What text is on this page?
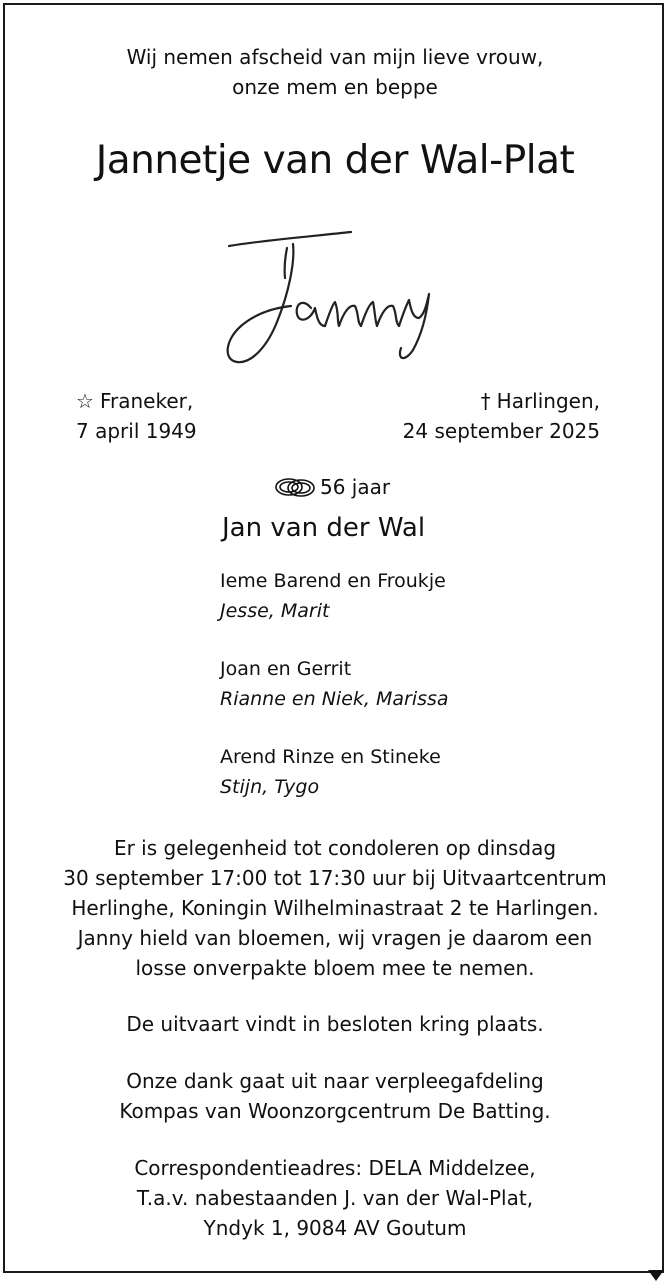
Wij nemen afscheid van mijn lieve vrouw,
onze mem en beppe
Jannetje van der Wal-Plat
☆ Franeker,
7 april 1949
† Harlingen,
24 september 2025
56 jaar
Jan van der Wal
Ieme Barend en Froukje
Jesse, Marit
Joan en Gerrit
Rianne en Niek, Marissa
Arend Rinze en Stineke
Stijn, Tygo
Er is gelegenheid tot condoleren op dinsdag
30 september 17:00 tot 17:30 uur bij Uitvaartcentrum
Herlinghe, Koningin Wilhelminastraat 2 te Harlingen.
Janny hield van bloemen, wij vragen je daarom een
losse onverpakte bloem mee te nemen.
De uitvaart vindt in besloten kring plaats.
Onze dank gaat uit naar verpleegafdeling
Kompas van Woonzorgcentrum De Batting.
Correspondentieadres: DELA Middelzee,
T.a.v. nabestaanden J. van der Wal-Plat,
Yndyk 1, 9084 AV Goutum
